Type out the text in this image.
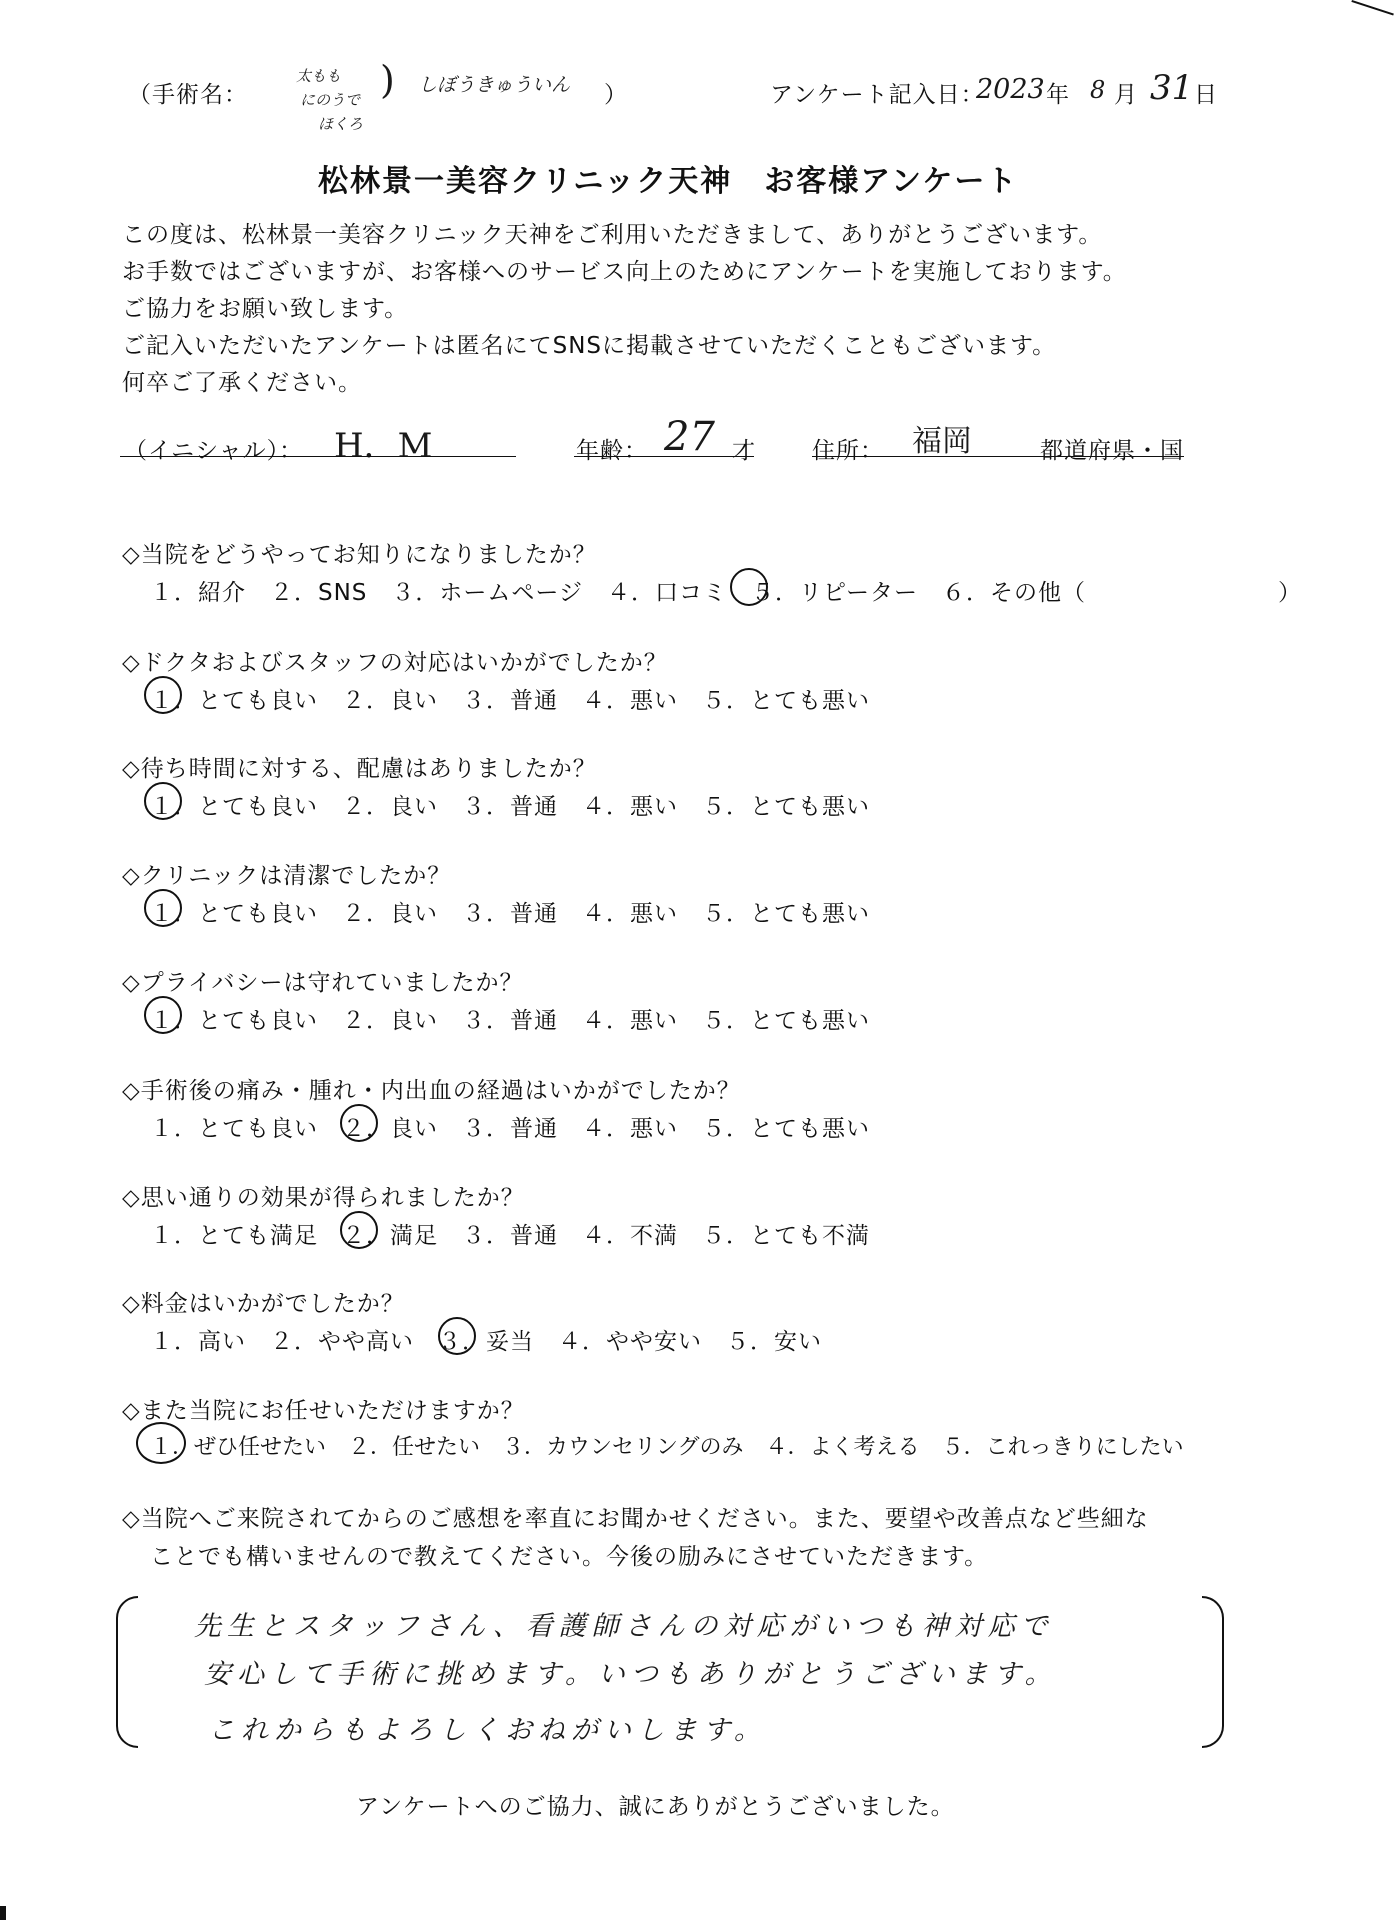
（手術名：
太もも
にのうで
ほくろ
) しぼうきゅういん ）	アンケート記入日：
2023 年 8 月 31 日
松林景一美容クリニック天神　お客様アンケート
この度は、松林景一美容クリニック天神をご利用いただきまして、ありがとうございます。
お手数ではございますが、お客様へのサービス向上のためにアンケートを実施しております。
ご協力をお願い致します。
ご記入いただいたアンケートは匿名にてSNSに掲載させていただくこともございます。
何卒ご了承ください。
（イニシャル）： H．M	年齢： 27 才 住所： 福岡	都道府県・国
◇当院をどうやってお知りになりましたか？
１．紹介　２．SNS　３．ホームページ　４．口コミ　５．リピーター　６．その他（　　　　　　　　）
◇ドクタおよびスタッフの対応はいかがでしたか？
１．とても良い　２．良い　３．普通　４．悪い　５．とても悪い
◇待ち時間に対する、配慮はありましたか？
１．とても良い　２．良い　３．普通　４．悪い　５．とても悪い
◇クリニックは清潔でしたか？
１．とても良い　２．良い　３．普通　４．悪い　５．とても悪い
◇プライバシーは守れていましたか？
１．とても良い　２．良い　３．普通　４．悪い　５．とても悪い
◇手術後の痛み・腫れ・内出血の経過はいかがでしたか？
１．とても良い　２．良い　３．普通　４．悪い　５．とても悪い
◇思い通りの効果が得られましたか？
１．とても満足　２．満足　３．普通　４．不満　５．とても不満
◇料金はいかがでしたか？
１．高い　２．やや高い　３．妥当　４．やや安い　５．安い
◇また当院にお任せいただけますか？
１．ぜひ任せたい　２．任せたい　３．カウンセリングのみ　４．よく考える　５．これっきりにしたい
◇当院へご来院されてからのご感想を率直にお聞かせください。また、要望や改善点など些細な
ことでも構いませんので教えてください。今後の励みにさせていただきます。
先生とスタッフさん、看護師さんの対応がいつも神対応で
安心して手術に挑めます。いつもありがとうございます。
これからもよろしくおねがいします。
アンケートへのご協力、誠にありがとうございました。
